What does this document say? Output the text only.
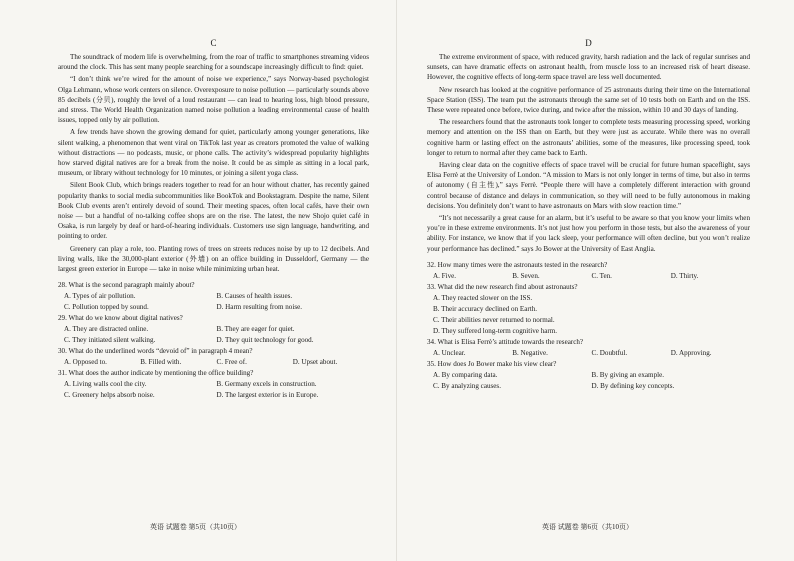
C

The soundtrack of modern life is overwhelming, from the roar of traffic to smartphones streaming videos around the clock. This has sent many people searching for a soundscape increasingly difficult to find: quiet.

“I don’t think we’re wired for the amount of noise we experience,” says Norway-based psychologist Olga Lehmann, whose work centers on silence. Overexposure to noise pollution — particularly sounds above 85 decibels (分贝), roughly the level of a loud restaurant — can lead to hearing loss, high blood pressure, and stress. The World Health Organization named noise pollution a leading environmental cause of health issues, topped only by air pollution.

A few trends have shown the growing demand for quiet, particularly among younger generations, like silent walking, a phenomenon that went viral on TikTok last year as creators promoted the value of walking without distractions — no podcasts, music, or phone calls. The activity’s widespread popularity highlights how starved digital natives are for a break from the noise. It could be as simple as sitting in a local park, museum, or library without technology for 10 minutes, or joining a silent yoga class.

Silent Book Club, which brings readers together to read for an hour without chatter, has recently gained popularity thanks to social media subcommunities like BookTok and Bookstagram. Despite the name, Silent Book Club events aren’t entirely devoid of sound. Their meeting spaces, often local cafés, have their own noise — but a handful of no-talking coffee shops are on the rise. The latest, the new Shojo quiet café in Osaka, is run largely by deaf or hard-of-hearing individuals. Customers use sign language, handwriting, and pointing to order.

Greenery can play a role, too. Planting rows of trees on streets reduces noise by up to 12 decibels. And living walls, like the 30,000-plant exterior (外墙) on an office building in Dusseldorf, Germany — the largest green exterior in Europe — take in noise while minimizing urban heat.

28. What is the second paragraph mainly about?
A. Types of air pollution.	B. Causes of health issues.
C. Pollution topped by sound.	D. Harm resulting from noise.
29. What do we know about digital natives?
A. They are distracted online.	B. They are eager for quiet.
C. They initiated silent walking.	D. They quit technology for good.
30. What do the underlined words “devoid of” in paragraph 4 mean?
A. Opposed to.	B. Filled with.	C. Free of.	D. Upset about.
31. What does the author indicate by mentioning the office building?
A. Living walls cool the city.	B. Germany excels in construction.
C. Greenery helps absorb noise.	D. The largest exterior is in Europe.
英语 试题卷 第5页（共10页）
D

The extreme environment of space, with reduced gravity, harsh radiation and the lack of regular sunrises and sunsets, can have dramatic effects on astronaut health, from muscle loss to an increased risk of heart disease. However, the cognitive effects of long-term space travel are less well documented.

New research has looked at the cognitive performance of 25 astronauts during their time on the International Space Station (ISS). The team put the astronauts through the same set of 10 tests both on Earth and on the ISS. These were repeated once before, twice during, and twice after the mission, within 10 and 30 days of landing.

The researchers found that the astronauts took longer to complete tests measuring processing speed, working memory and attention on the ISS than on Earth, but they were just as accurate. While there was no overall cognitive harm or lasting effect on the astronauts’ abilities, some of the measures, like processing speed, took longer to return to normal after they came back to Earth.

Having clear data on the cognitive effects of space travel will be crucial for future human spaceflight, says Elisa Ferrè at the University of London. “A mission to Mars is not only longer in terms of time, but also in terms of autonomy (自主性),” says Ferrè. “People there will have a completely different interaction with ground control because of distance and delays in communication, so they will need to be fully autonomous in making decisions. You definitely don’t want to have astronauts on Mars with slow reaction time.”

“It’s not necessarily a great cause for an alarm, but it’s useful to be aware so that you know your limits when you’re in these extreme environments. It’s not just how you perform in those tests, but also the awareness of your ability. For instance, we know that if you lack sleep, your performance will often decline, but you won’t realize your performance has declined.” says Jo Bower at the University of East Anglia.

32. How many times were the astronauts tested in the research?
A. Five.	B. Seven.	C. Ten.	D. Thirty.
33. What did the new research find about astronauts?
A. They reacted slower on the ISS.
B. Their accuracy declined on Earth.
C. Their abilities never returned to normal.
D. They suffered long-term cognitive harm.
34. What is Elisa Ferrè’s attitude towards the research?
A. Unclear.	B. Negative.	C. Doubtful.	D. Approving.
35. How does Jo Bower make his view clear?
A. By comparing data.	B. By giving an example.
C. By analyzing causes.	D. By defining key concepts.
英语 试题卷 第6页（共10页）
